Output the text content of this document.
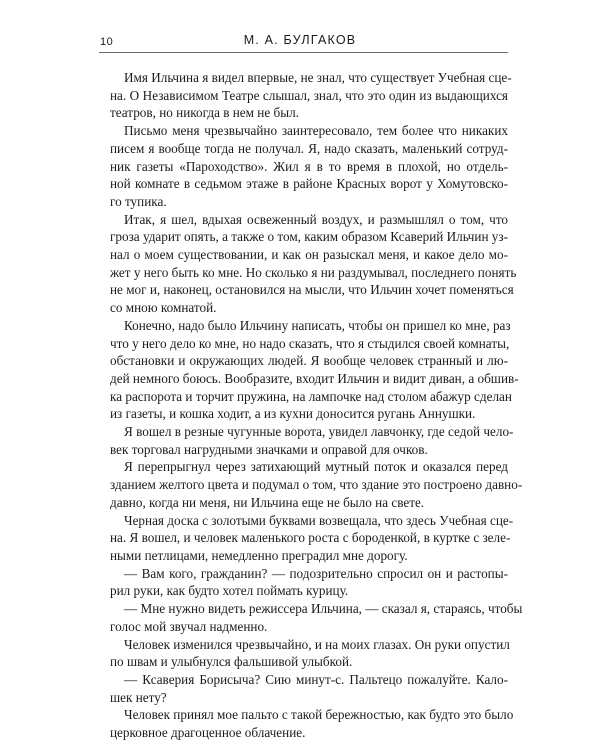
10	М. А. БУЛГАКОВ

Имя Ильчина я видел впервые, не знал, что существует Учебная сце-
на. О Независимом Театре слышал, знал, что это один из выдающихся
театров, но никогда в нем не был.

Письмо меня чрезвычайно заинтересовало, тем более что никаких
писем я вообще тогда не получал. Я, надо сказать, маленький сотруд-
ник газеты «Пароходство». Жил я в то время в плохой, но отдель-
ной комнате в седьмом этаже в районе Красных ворот у Хомутовско-
го тупика.

Итак, я шел, вдыхая освеженный воздух, и размышлял о том, что
гроза ударит опять, а также о том, каким образом Ксаверий Ильчин уз-
нал о моем существовании, и как он разыскал меня, и какое дело мо-
жет у него быть ко мне. Но сколько я ни раздумывал, последнего понять
не мог и, наконец, остановился на мысли, что Ильчин хочет поменяться
со мною комнатой.

Конечно, надо было Ильчину написать, чтобы он пришел ко мне, раз
что у него дело ко мне, но надо сказать, что я стыдился своей комнаты,
обстановки и окружающих людей. Я вообще человек странный и лю-
дей немного боюсь. Вообразите, входит Ильчин и видит диван, а обшив-
ка распорота и торчит пружина, на лампочке над столом абажур сделан
из газеты, и кошка ходит, а из кухни доносится ругань Аннушки.

Я вошел в резные чугунные ворота, увидел лавчонку, где седой чело-
век торговал нагрудными значками и оправой для очков.

Я перепрыгнул через затихающий мутный поток и оказался перед
зданием желтого цвета и подумал о том, что здание это построено давно-
давно, когда ни меня, ни Ильчина еще не было на свете.

Черная доска с золотыми буквами возвещала, что здесь Учебная сце-
на. Я вошел, и человек маленького роста с бороденкой, в куртке с зеле-
ными петлицами, немедленно преградил мне дорогу.

— Вам кого, гражданин? — подозрительно спросил он и растопы-
рил руки, как будто хотел поймать курицу.

— Мне нужно видеть режиссера Ильчина, — сказал я, стараясь, чтобы
голос мой звучал надменно.

Человек изменился чрезвычайно, и на моих глазах. Он руки опустил
по швам и улыбнулся фальшивой улыбкой.

— Ксаверия Борисыча? Сию минут-с. Пальтецо пожалуйте. Кало-
шек нету?

Человек принял мое пальто с такой бережностью, как будто это было
церковное драгоценное облачение.
